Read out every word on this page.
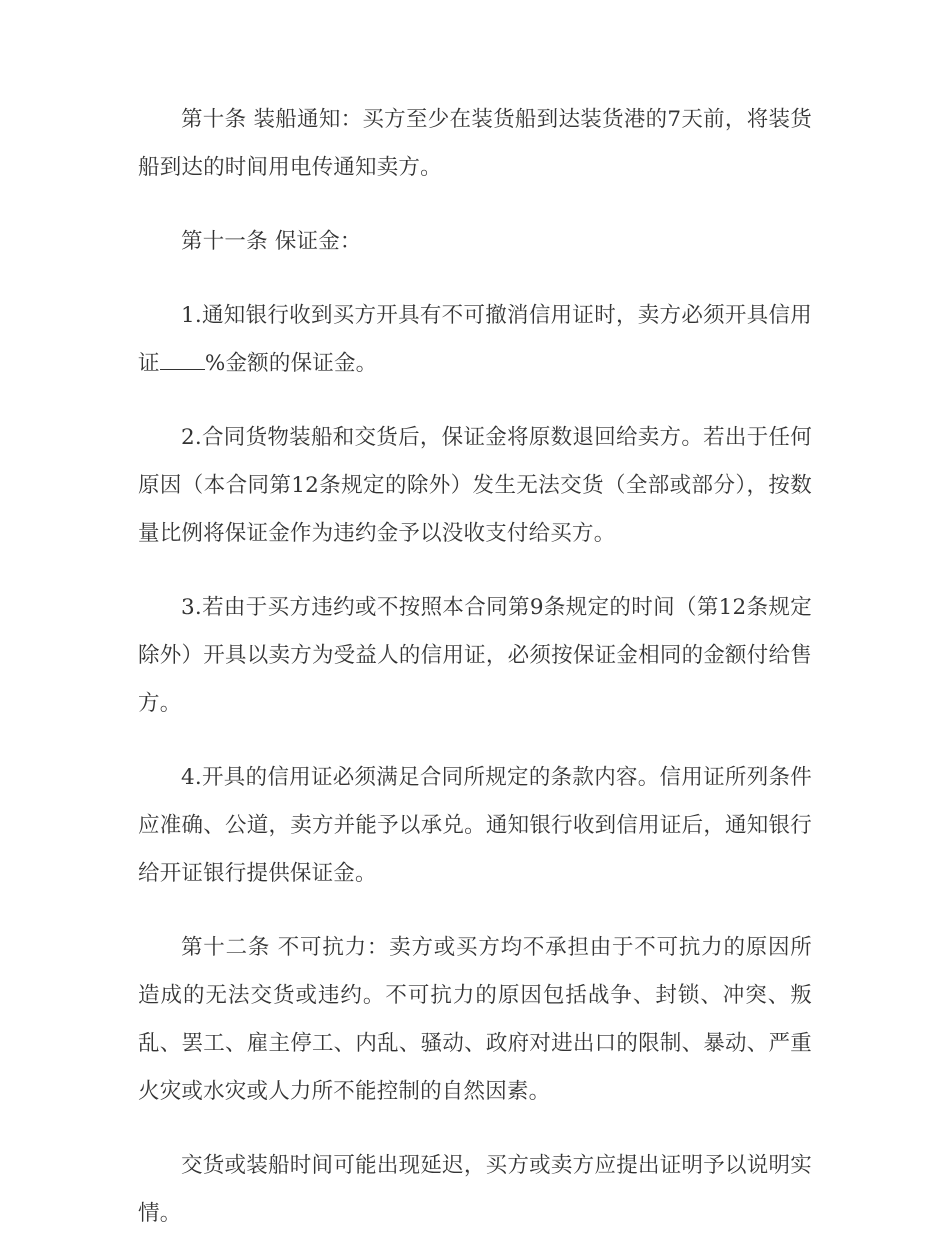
第十条 装船通知：买方至少在装货船到达装货港的7天前，将装货船到达的时间用电传通知卖方。

第十一条 保证金：

1.通知银行收到买方开具有不可撤消信用证时，卖方必须开具信用证 %金额的保证金。

2.合同货物装船和交货后，保证金将原数退回给卖方。若出于任何原因（本合同第12条规定的除外）发生无法交货（全部或部分），按数量比例将保证金作为违约金予以没收支付给买方。

3.若由于买方违约或不按照本合同第9条规定的时间（第12条规定除外）开具以卖方为受益人的信用证，必须按保证金相同的金额付给售方。

4.开具的信用证必须满足合同所规定的条款内容。信用证所列条件应准确、公道，卖方并能予以承兑。通知银行收到信用证后，通知银行给开证银行提供保证金。

第十二条 不可抗力：卖方或买方均不承担由于不可抗力的原因所造成的无法交货或违约。不可抗力的原因包括战争、封锁、冲突、叛乱、罢工、雇主停工、内乱、骚动、政府对进出口的限制、暴动、严重火灾或水灾或人力所不能控制的自然因素。

交货或装船时间可能出现延迟，买方或卖方应提出证明予以说明实情。
